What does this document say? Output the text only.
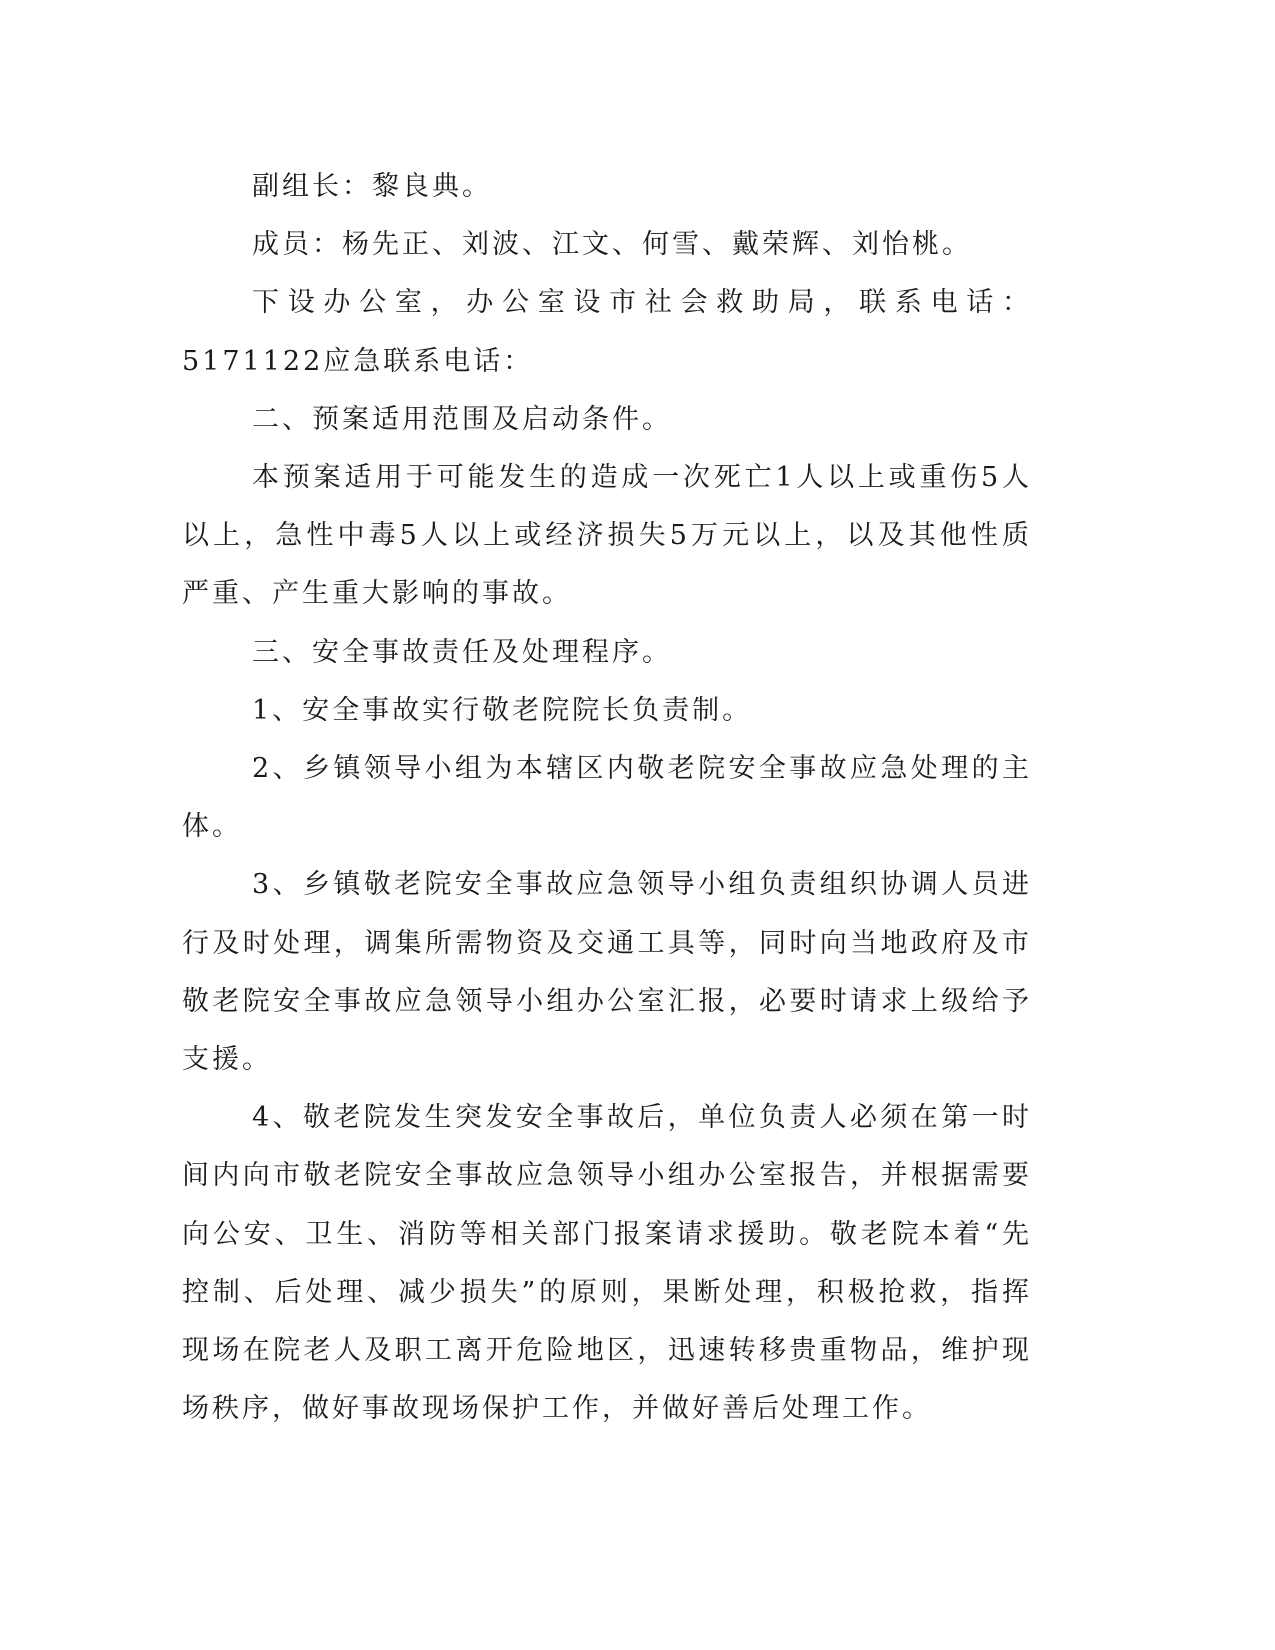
副组长：黎良典。

成员：杨先正、刘波、江文、何雪、戴荣辉、刘怡桃。

下设办公室，办公室设市社会救助局，联系电话：5171122应急联系电话：

二、预案适用范围及启动条件。

本预案适用于可能发生的造成一次死亡1人以上或重伤5人以上，急性中毒5人以上或经济损失5万元以上，以及其他性质严重、产生重大影响的事故。

三、安全事故责任及处理程序。

1、安全事故实行敬老院院长负责制。

2、乡镇领导小组为本辖区内敬老院安全事故应急处理的主体。

3、乡镇敬老院安全事故应急领导小组负责组织协调人员进行及时处理，调集所需物资及交通工具等，同时向当地政府及市敬老院安全事故应急领导小组办公室汇报，必要时请求上级给予支援。

4、敬老院发生突发安全事故后，单位负责人必须在第一时间内向市敬老院安全事故应急领导小组办公室报告，并根据需要向公安、卫生、消防等相关部门报案请求援助。敬老院本着“先控制、后处理、减少损失”的原则，果断处理，积极抢救，指挥现场在院老人及职工离开危险地区，迅速转移贵重物品，维护现场秩序，做好事故现场保护工作，并做好善后处理工作。
